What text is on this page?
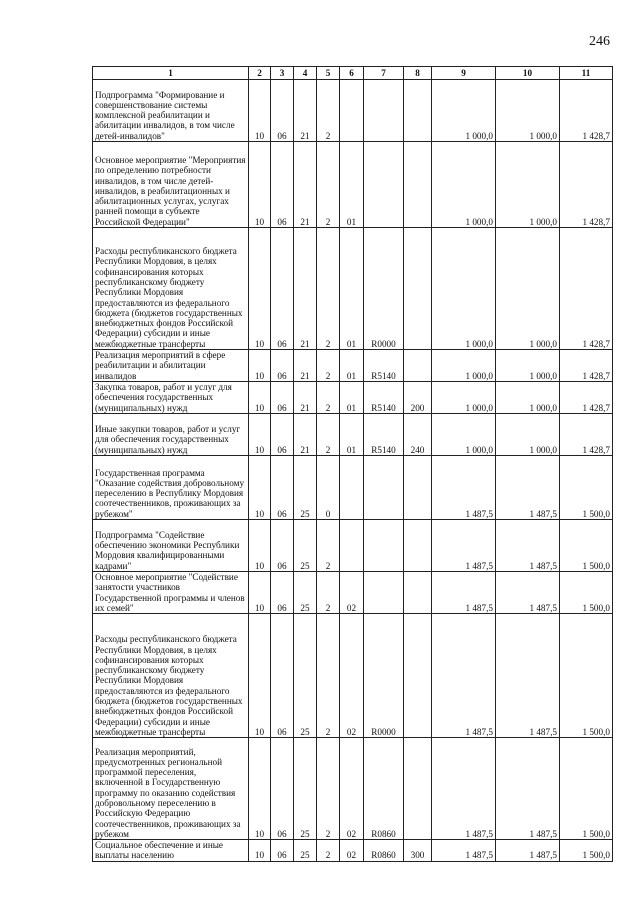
246
1	2	3	4	5	6	7	8	9	10	11
Подпрограмма "Формирование и совершенствование системы комплексной реабилитации и абилитации инвалидов, в том числе детей-инвалидов"	10	06	21	2				1 000,0	1 000,0	1 428,7
Основное мероприятие "Мероприятия по определению потребности инвалидов, в том числе детей-инвалидов, в реабилитационных и абилитационных услугах, услугах ранней помощи в субъекте Российской Федерации"	10	06	21	2	01			1 000,0	1 000,0	1 428,7
Расходы республиканского бюджета Республики Мордовия, в целях софинансирования которых республиканскому бюджету Республики Мордовия предоставляются из федерального бюджета (бюджетов государственных внебюджетных фондов Российской Федерации) субсидии и иные межбюджетные трансферты	10	06	21	2	01	R0000		1 000,0	1 000,0	1 428,7
Реализация мероприятий в сфере реабилитации и абилитации инвалидов	10	06	21	2	01	R5140		1 000,0	1 000,0	1 428,7
Закупка товаров, работ и услуг для обеспечения государственных (муниципальных) нужд	10	06	21	2	01	R5140	200	1 000,0	1 000,0	1 428,7
Иные закупки товаров, работ и услуг для обеспечения государственных (муниципальных) нужд	10	06	21	2	01	R5140	240	1 000,0	1 000,0	1 428,7
Государственная программа "Оказание содействия добровольному переселению в Республику Мордовия соотечественников, проживающих за рубежом"	10	06	25	0				1 487,5	1 487,5	1 500,0
Подпрограмма "Содействие обеспечению экономики Республики Мордовия квалифицированными кадрами"	10	06	25	2				1 487,5	1 487,5	1 500,0
Основное мероприятие "Содействие занятости участников Государственной программы и членов их семей"	10	06	25	2	02			1 487,5	1 487,5	1 500,0
Расходы республиканского бюджета Республики Мордовия, в целях софинансирования которых республиканскому бюджету Республики Мордовия предоставляются из федерального бюджета (бюджетов государственных внебюджетных фондов Российской Федерации) субсидии и иные межбюджетные трансферты	10	06	25	2	02	R0000		1 487,5	1 487,5	1 500,0
Реализация мероприятий, предусмотренных региональной программой переселения, включенной в Государственную программу по оказанию содействия добровольному переселению в Российскую Федерацию соотечественников, проживающих за рубежом	10	06	25	2	02	R0860		1 487,5	1 487,5	1 500,0
Социальное обеспечение и иные выплаты населению	10	06	25	2	02	R0860	300	1 487,5	1 487,5	1 500,0
